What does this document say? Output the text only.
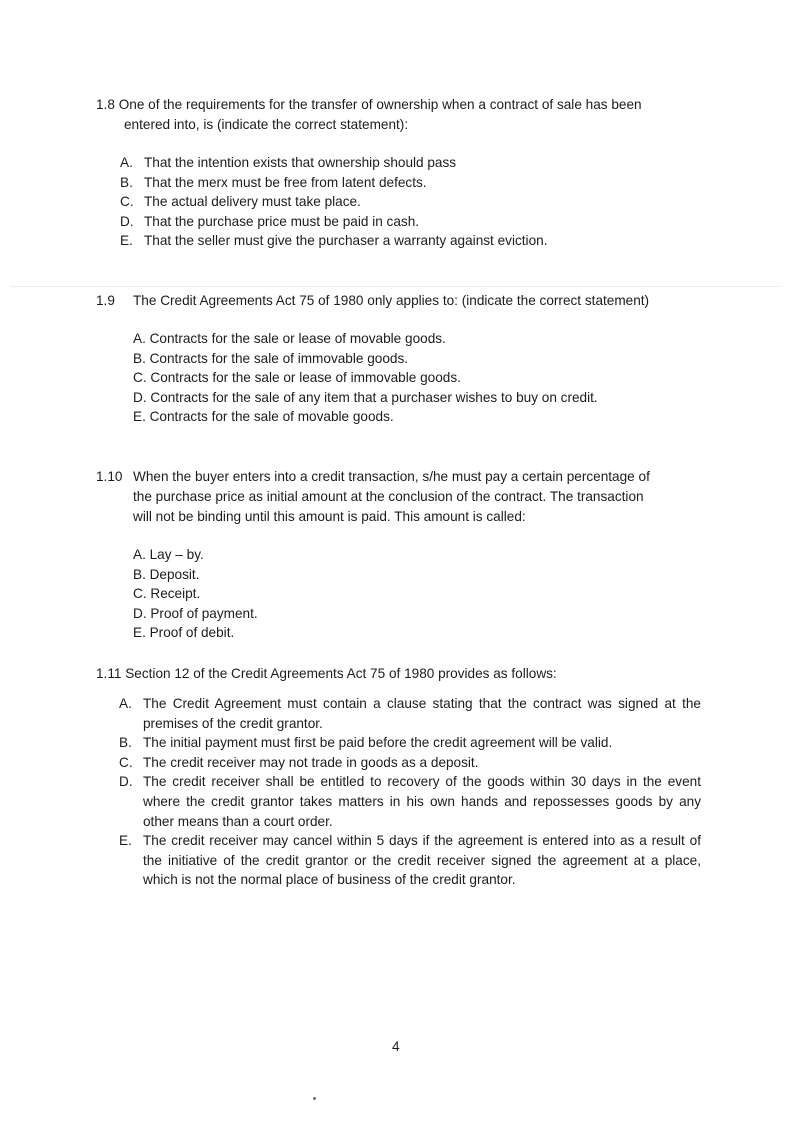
1.8 One of the requirements for the transfer of ownership when a contract of sale has been
entered into, is (indicate the correct statement):
A. That the intention exists that ownership should pass
B. That the merx must be free from latent defects.
C. The actual delivery must take place.
D. That the purchase price must be paid in cash.
E. That the seller must give the purchaser a warranty against eviction.
1.9	The Credit Agreements Act 75 of 1980 only applies to: (indicate the correct statement)
A. Contracts for the sale or lease of movable goods.
B. Contracts for the sale of immovable goods.
C. Contracts for the sale or lease of immovable goods.
D. Contracts for the sale of any item that a purchaser wishes to buy on credit.
E. Contracts for the sale of movable goods.
1.10 When the buyer enters into a credit transaction, s/he must pay a certain percentage of
the purchase price as initial amount at the conclusion of the contract. The transaction
will not be binding until this amount is paid. This amount is called:
A. Lay – by.
B. Deposit.
C. Receipt.
D. Proof of payment.
E. Proof of debit.
1.11 Section 12 of the Credit Agreements Act 75 of 1980 provides as follows:
A. The Credit Agreement must contain a clause stating that the contract was signed at the premises of the credit grantor.
B. The initial payment must first be paid before the credit agreement will be valid.
C. The credit receiver may not trade in goods as a deposit.
D. The credit receiver shall be entitled to recovery of the goods within 30 days in the event where the credit grantor takes matters in his own hands and repossesses goods by any other means than a court order.
E. The credit receiver may cancel within 5 days if the agreement is entered into as a result of the initiative of the credit grantor or the credit receiver signed the agreement at a place, which is not the normal place of business of the credit grantor.
4
